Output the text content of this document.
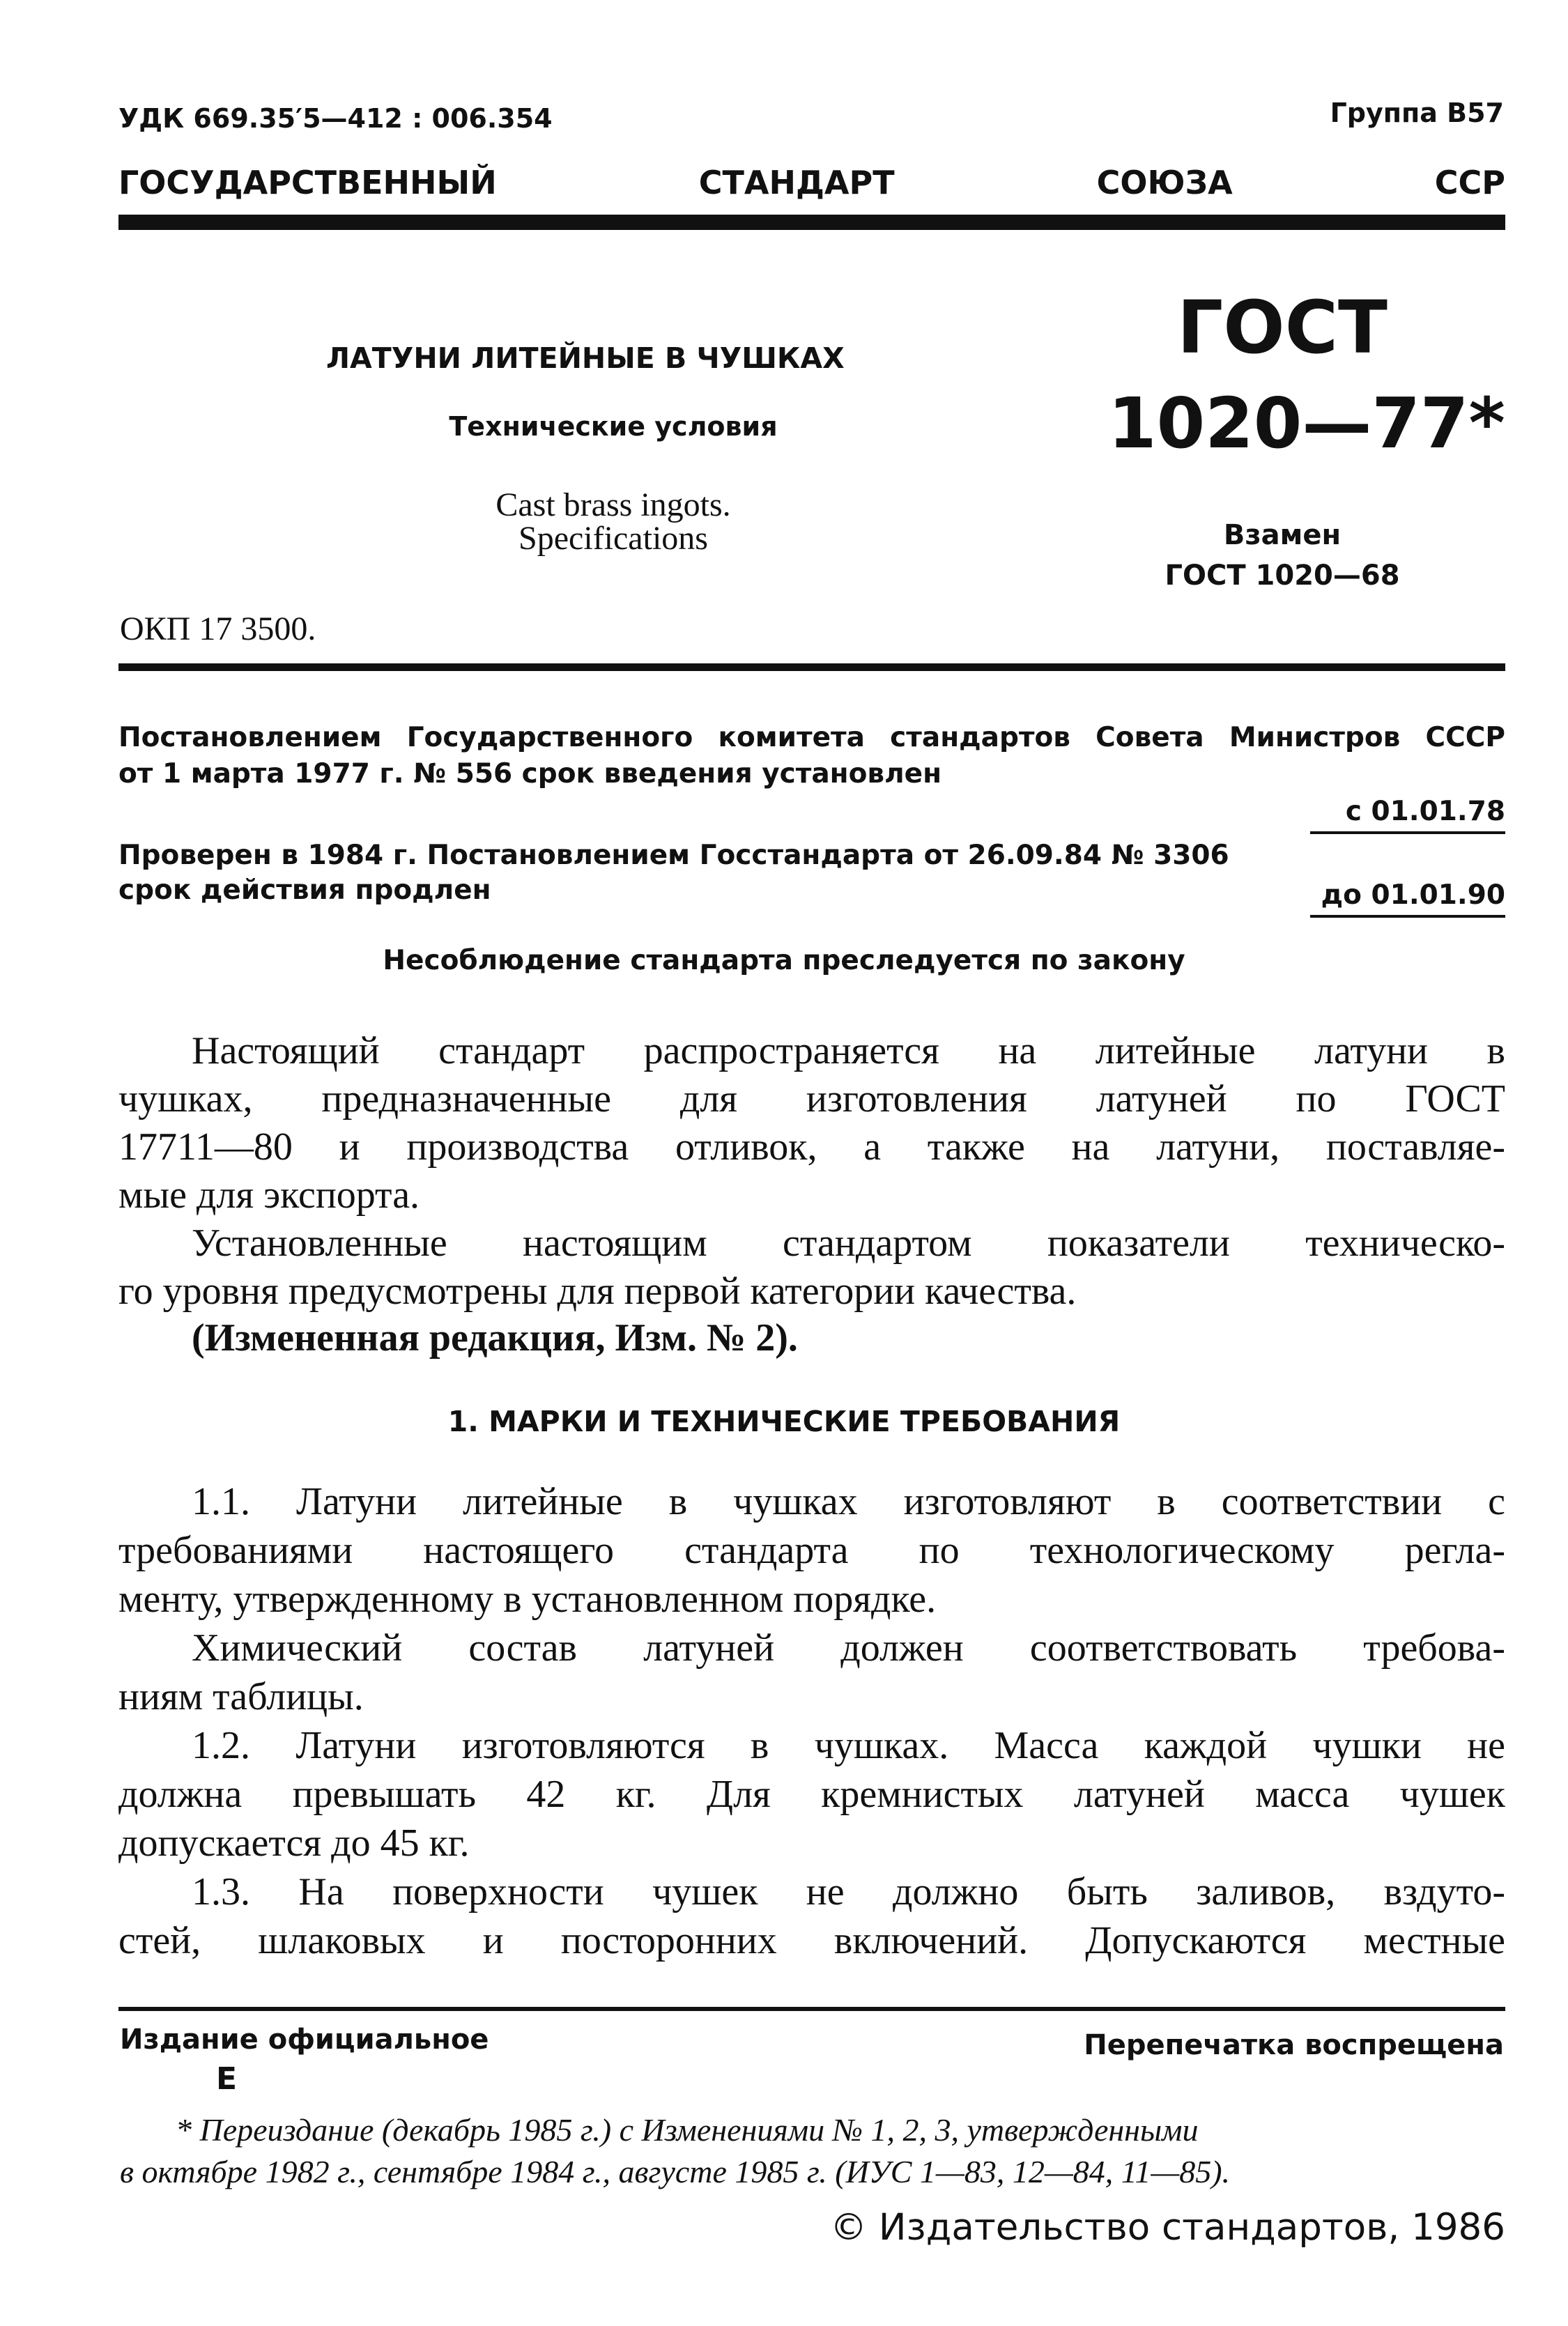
УДК 669.35′5—412 : 006.354	Группа В57
ГОСУДАРСТВЕННЫЙ СТАНДАРТ СОЮЗА ССР
ЛАТУНИ ЛИТЕЙНЫЕ В ЧУШКАХ
Технические условия
Cast brass ingots.
Specifications
ОКП 17 3500.
ГОСТ
1020—77*
Взамен
ГОСТ 1020—68
Постановлением Государственного комитета стандартов Совета Министров СССР
от 1 марта 1977 г. № 556 срок введения установлен
с 01.01.78
Проверен в 1984 г. Постановлением Госстандарта от 26.09.84 № 3306
срок действия продлен	до 01.01.90
Несоблюдение стандарта преследуется по закону
Настоящий стандарт распространяется на литейные латуни в
чушках, предназначенные для изготовления латуней по ГОСТ
17711—80 и производства отливок, а также на латуни, поставляе-
мые для экспорта.
Установленные настоящим стандартом показатели техническо-
го уровня предусмотрены для первой категории качества.
(Измененная редакция, Изм. № 2).
1. МАРКИ И ТЕХНИЧЕСКИЕ ТРЕБОВАНИЯ
1.1. Латуни литейные в чушках изготовляют в соответствии с
требованиями настоящего стандарта по технологическому регла-
менту, утвержденному в установленном порядке.
Химический состав латуней должен соответствовать требова-
ниям таблицы.
1.2. Латуни изготовляются в чушках. Масса каждой чушки не
должна превышать 42 кг. Для кремнистых латуней масса чушек
допускается до 45 кг.
1.3. На поверхности чушек не должно быть заливов, вздуто-
стей, шлаковых и посторонних включений. Допускаются местные
Издание официальное	Перепечатка воспрещена
Е
* Переиздание (декабрь 1985 г.) с Изменениями № 1, 2, 3, утвержденными
в октябре 1982 г., сентябре 1984 г., августе 1985 г. (ИУС 1—83, 12—84, 11—85).
© Издательство стандартов, 1986
